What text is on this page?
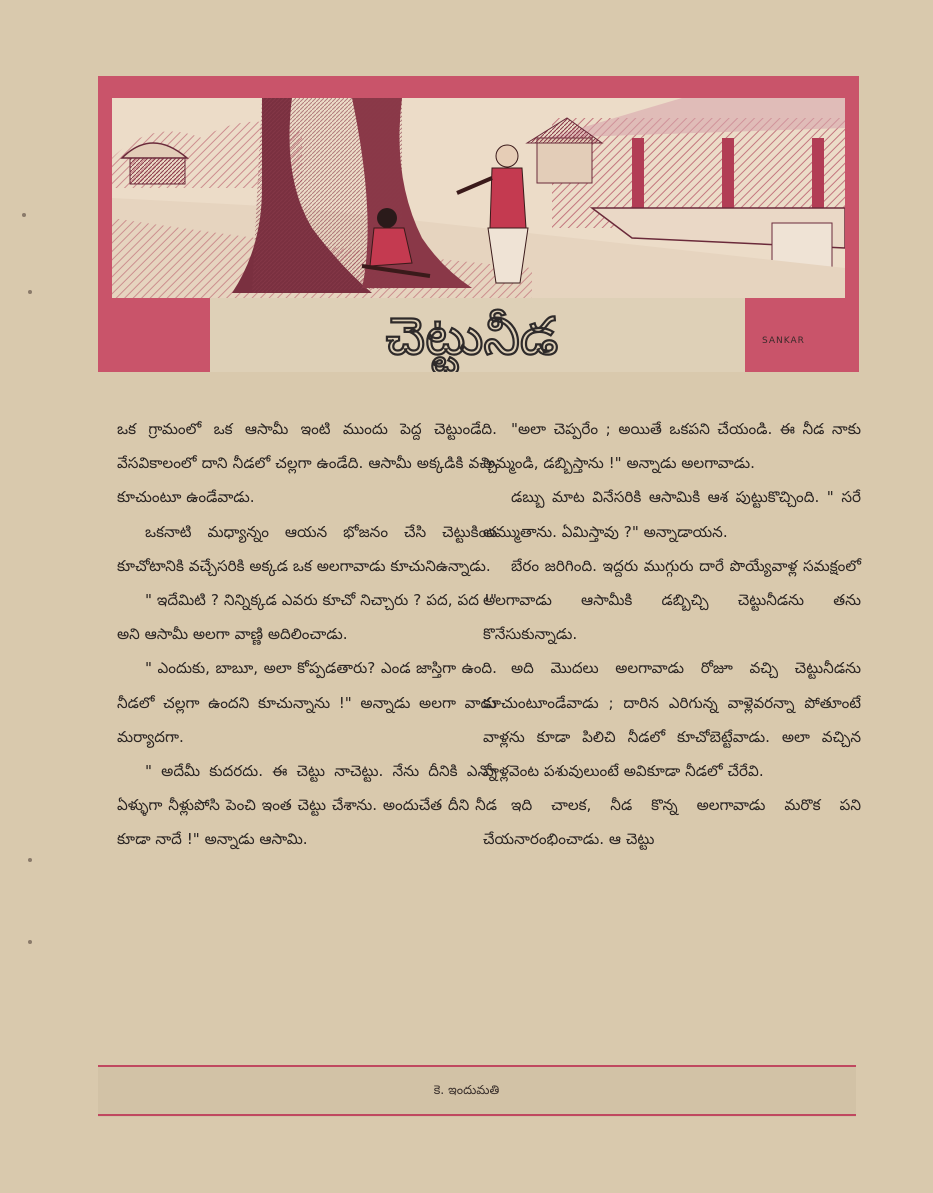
చెట్టునీడ	SANKAR

ఒక గ్రామంలో ఒక ఆసామీ ఇంటి ముందు పెద్ద చెట్టుండేది. వేసవికాలంలో దాని నీడలో చల్లగా ఉండేది. ఆసామీ అక్కడికి వచ్చి కూచుంటూ ఉండేవాడు.

ఒకనాటి మధ్యాన్నం ఆయన భోజనం చేసి చెట్టుకింద కూచోటానికి వచ్చేసరికి అక్కడ ఒక అలగావాడు కూచునిఉన్నాడు.

" ఇదేమిటి ? నిన్నిక్కడ ఎవరు కూచో నిచ్చారు ? పద, పద !" అని ఆసామీ అలగా వాణ్ణి అదిలించాడు.

" ఎందుకు, బాబూ, అలా కోప్పడతారు? ఎండ జాస్తిగా ఉంది. నీడలో చల్లగా ఉందని కూచున్నాను !" అన్నాడు అలగా వాడు మర్యాదగా.

" అదేమీ కుదరదు. ఈ చెట్టు నాచెట్టు. నేను దీనికి ఎన్నో ఏళ్ళుగా నీళ్లుపోసి పెంచి ఇంత చెట్టు చేశాను. అందుచేత దీని నీడ కూడా నాదే !" అన్నాడు ఆసామి.

"అలా చెప్పరేం ; అయితే ఒకపని చేయండి. ఈ నీడ నాకు అమ్మండి, డబ్బిస్తాను !" అన్నాడు అలగావాడు.

డబ్బు మాట వినేసరికి ఆసామికి ఆశ పుట్టుకొచ్చింది. " సరే అమ్ముతాను. ఏమిస్తావు ?" అన్నాడాయన.

బేరం జరిగింది. ఇద్దరు ముగ్గురు దారే పొయ్యేవాళ్ల సమక్షంలో అలగావాడు ఆసామీకి డబ్బిచ్చి చెట్టునీడను తను కొనేసుకున్నాడు.

అది మొదలు అలగావాడు రోజూ వచ్చి చెట్టునీడను కూచుంటూండేవాడు ; దారిన ఎరిగున్న వాళ్లెవరన్నా పోతూంటే వాళ్లను కూడా పిలిచి నీడలో కూచోబెట్టేవాడు. అలా వచ్చిన వాళ్లవెంట పశువులుంటే అవికూడా నీడలో చేరేవి.

ఇది చాలక, నీడ కొన్న అలగావాడు మరొక పని చేయనారంభించాడు. ఆ చెట్టు

కె. ఇందుమతి
